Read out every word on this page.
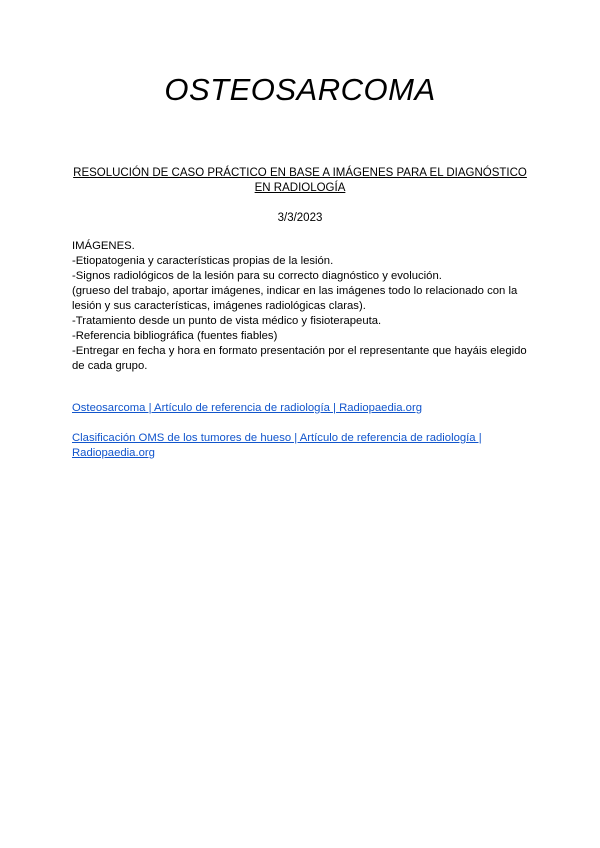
OSTEOSARCOMA

RESOLUCIÓN DE CASO PRÁCTICO EN BASE A IMÁGENES PARA EL DIAGNÓSTICO EN RADIOLOGÍA

3/3/2023

IMÁGENES.
-Etiopatogenia y características propias de la lesión.
-Signos radiológicos de la lesión para su correcto diagnóstico y evolución.
(grueso del trabajo, aportar imágenes, indicar en las imágenes todo lo relacionado con la lesión y sus características, imágenes radiológicas claras).
-Tratamiento desde un punto de vista médico y fisioterapeuta.
-Referencia bibliográfica (fuentes fiables)
-Entregar en fecha y hora en formato presentación por el representante que hayáis elegido de cada grupo.
Osteosarcoma | Artículo de referencia de radiología | Radiopaedia.org
Clasificación OMS de los tumores de hueso | Artículo de referencia de radiología | Radiopaedia.org
